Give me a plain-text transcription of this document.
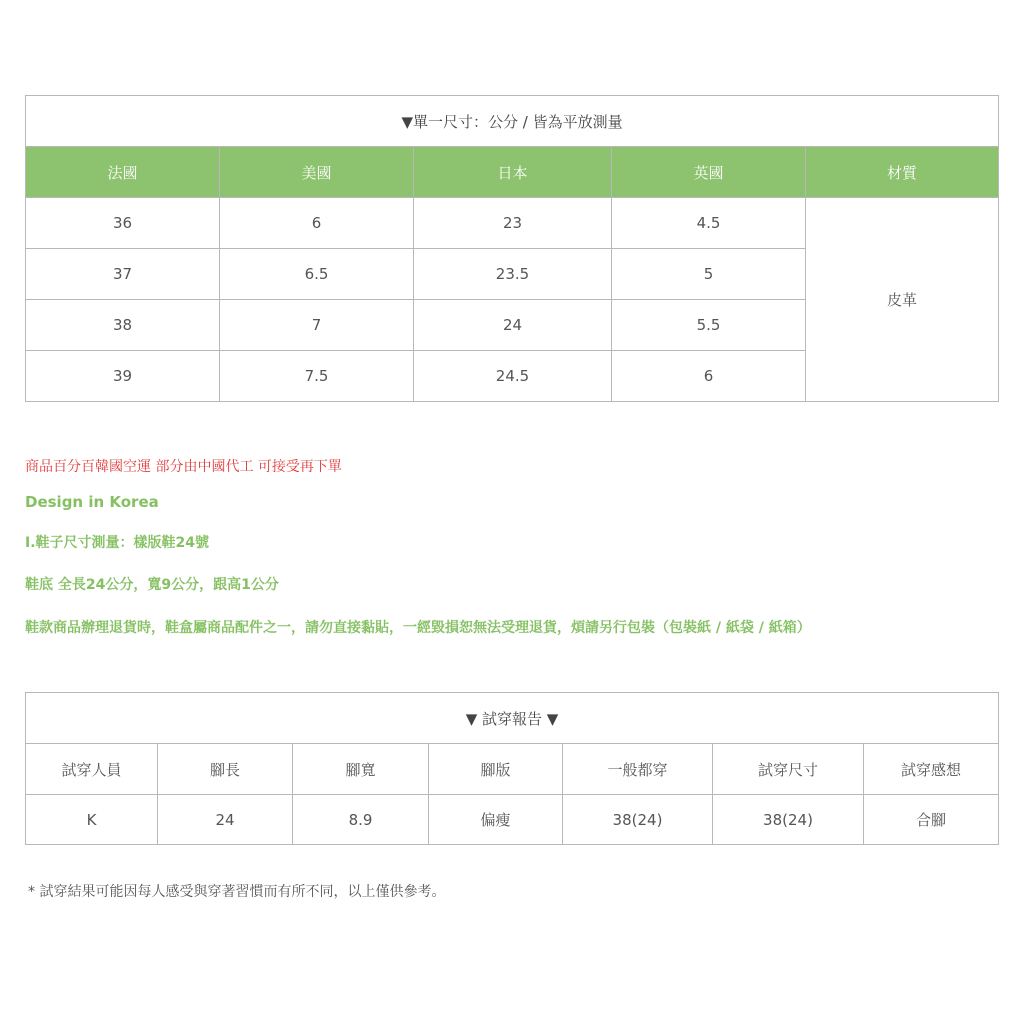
▼單一尺寸：公分 / 皆為平放測量				
法國	美國	日本	英國	材質
36	6	23	4.5	皮革
37	6.5	23.5	5	
38	7	24	5.5	
39	7.5	24.5	6	
商品百分百韓國空運 部分由中國代工 可接受再下單
Design in Korea
Ⅰ.鞋子尺寸測量：樣版鞋24號
鞋底 全長24公分，寬9公分，跟高1公分
鞋款商品辦理退貨時，鞋盒屬商品配件之一，請勿直接黏貼，一經毀損恕無法受理退貨，煩請另行包裝（包裝紙 / 紙袋 / 紙箱）
▼ 試穿報告 ▼						
試穿人員	腳長	腳寬	腳版	一般都穿	試穿尺寸	試穿感想
K	24	8.9	偏瘦	38(24)	38(24)	合腳
* 試穿結果可能因每人感受與穿著習慣而有所不同，以上僅供參考。
